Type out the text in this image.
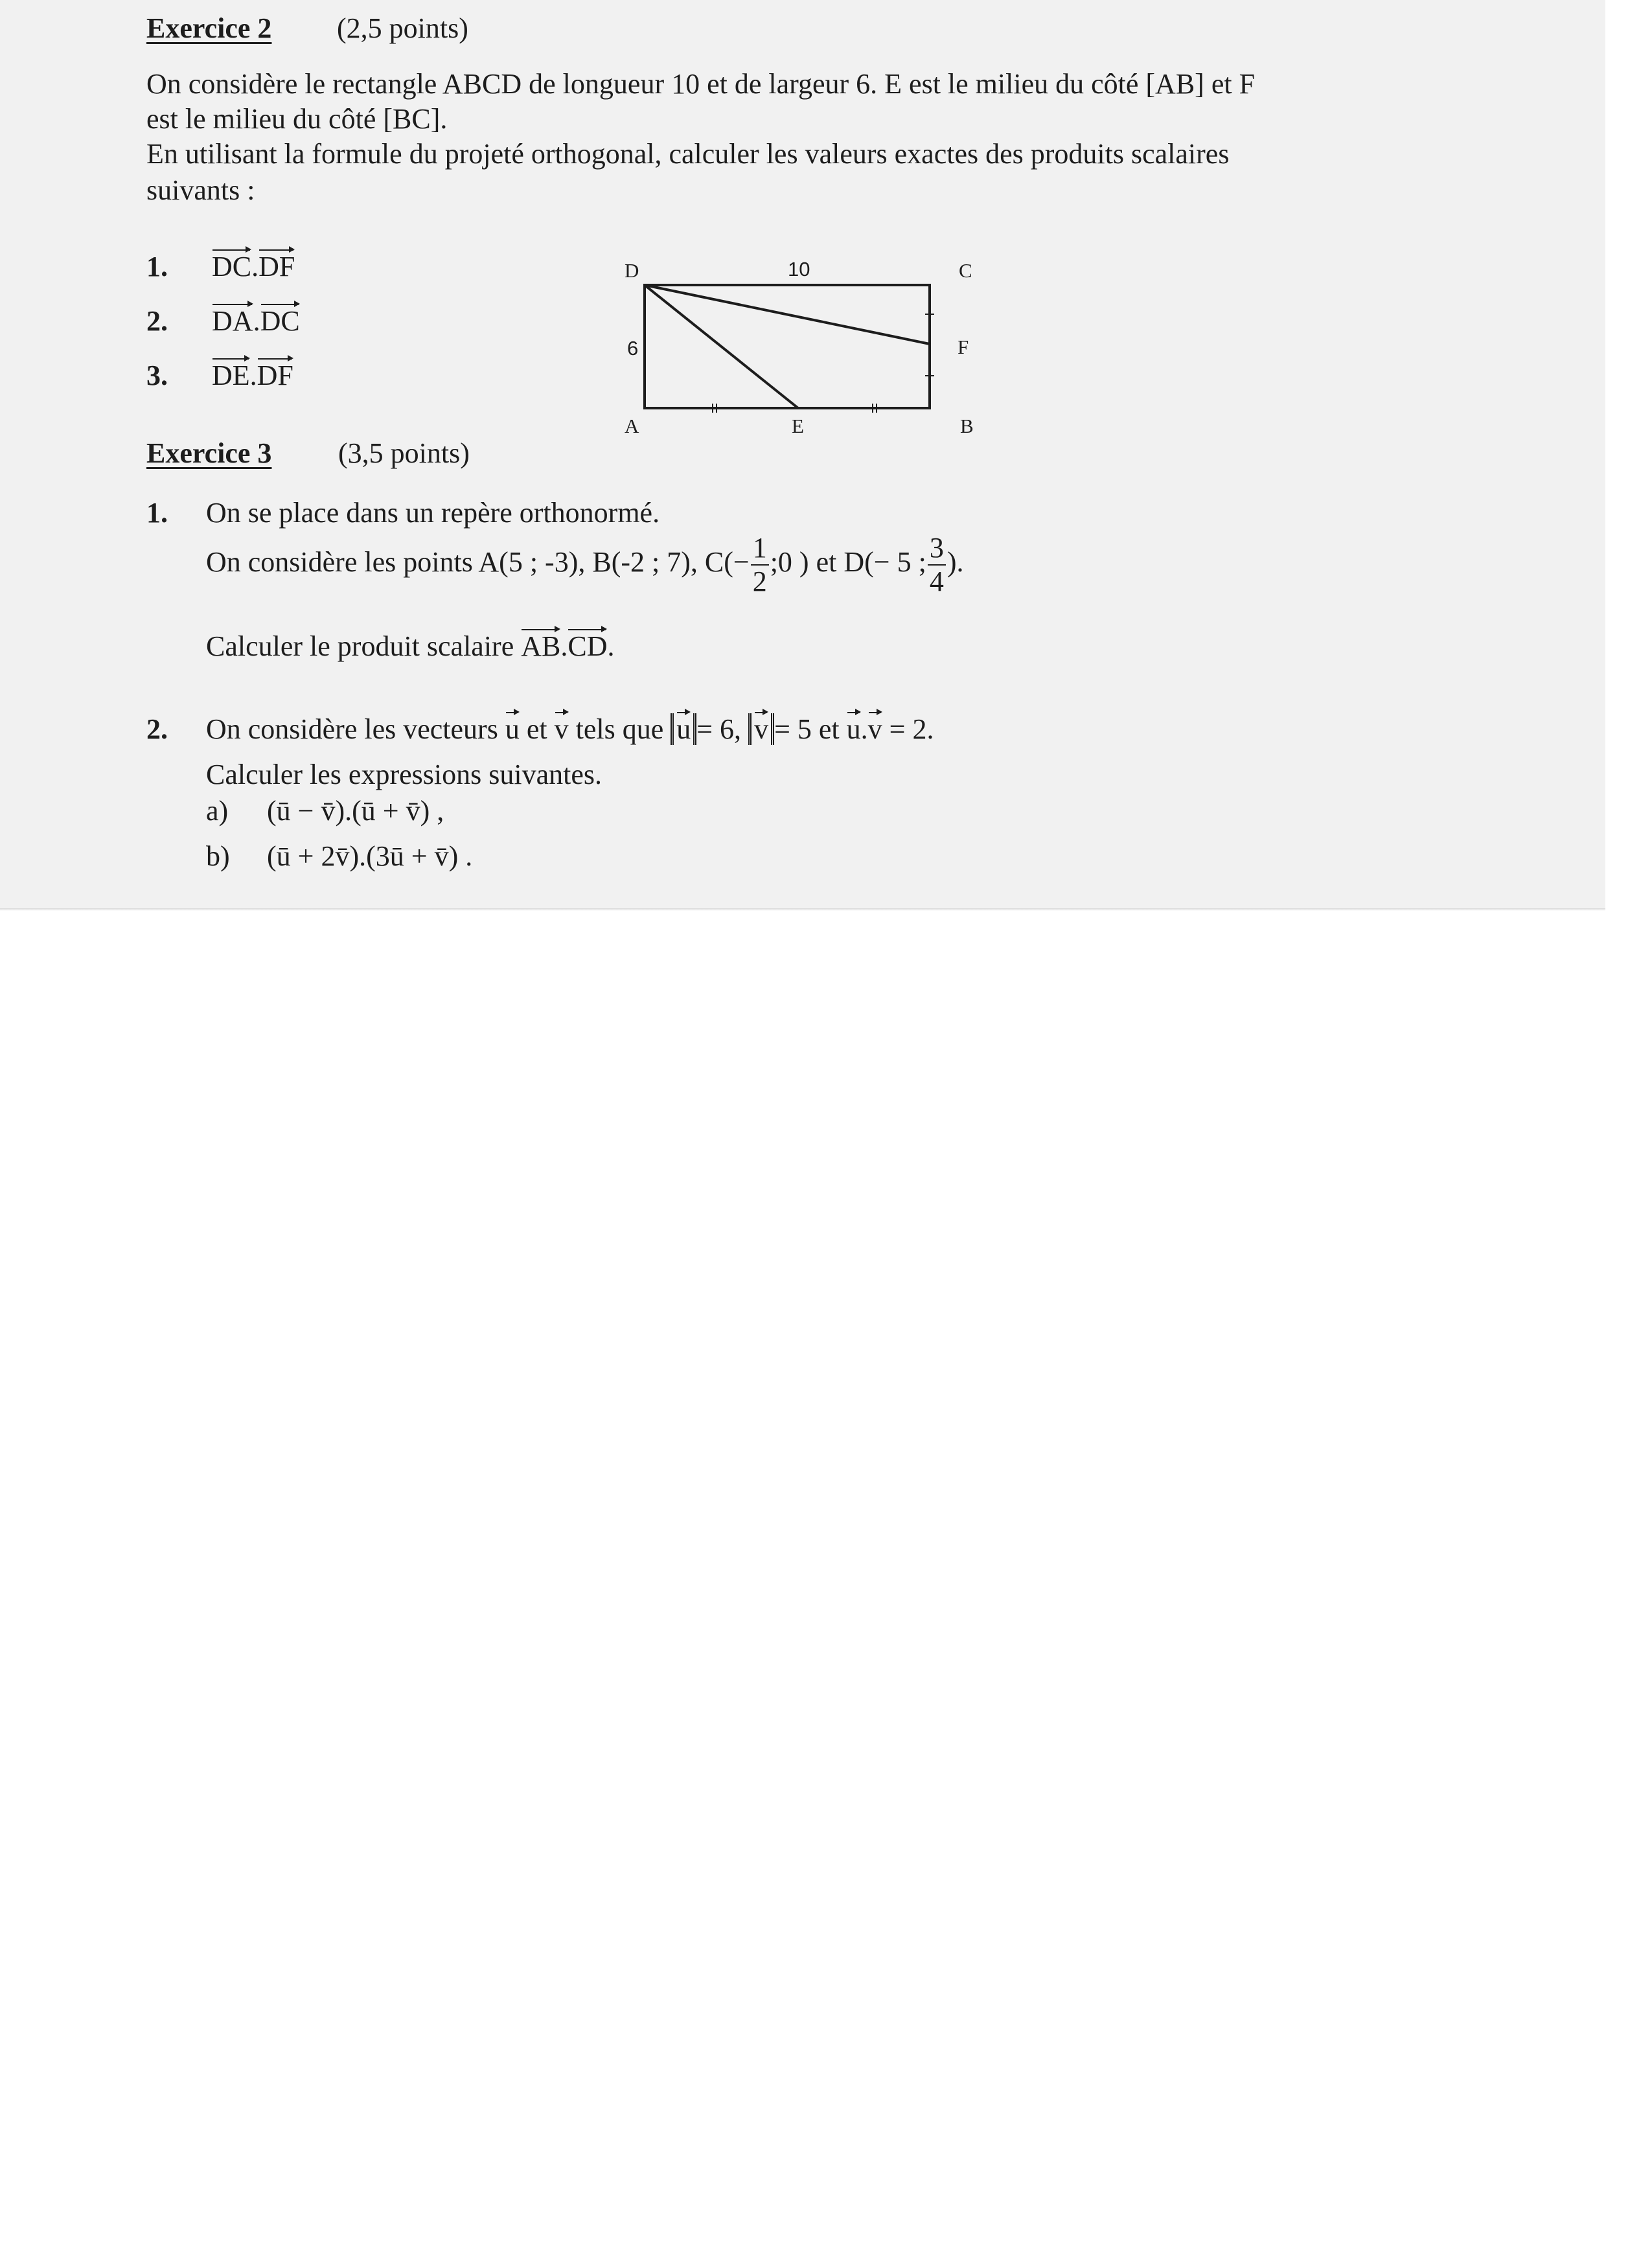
Exercice 2 (2,5 points)
On considère le rectangle ABCD de longueur 10 et de largeur 6. E est le milieu du côté [AB] et F
est le milieu du côté [BC].
En utilisant la formule du projeté orthogonal, calculer les valeurs exactes des produits scalaires
suivants :
1. DC.DF
2. DA.DC
3. DE.DF
D	10	C
6	F
A	E	B
Exercice 3 (3,5 points)
1. On se place dans un repère orthonormé.
On considère les points A(5 ; -3), B(-2 ; 7), $C(- \frac{1}{2}$ ;0 ) et D(− 5 ; $\frac{3}{4}$ ).
Calculer le produit scalaire AB.CD.
2. On considère les vecteurs u et v tels que u = 6, v = 5 et u.v = 2.
Calculer les expressions suivantes.
a) (ū − v̄).(ū + v̄) ,
b) (ū + 2v̄).(3ū + v̄) .
